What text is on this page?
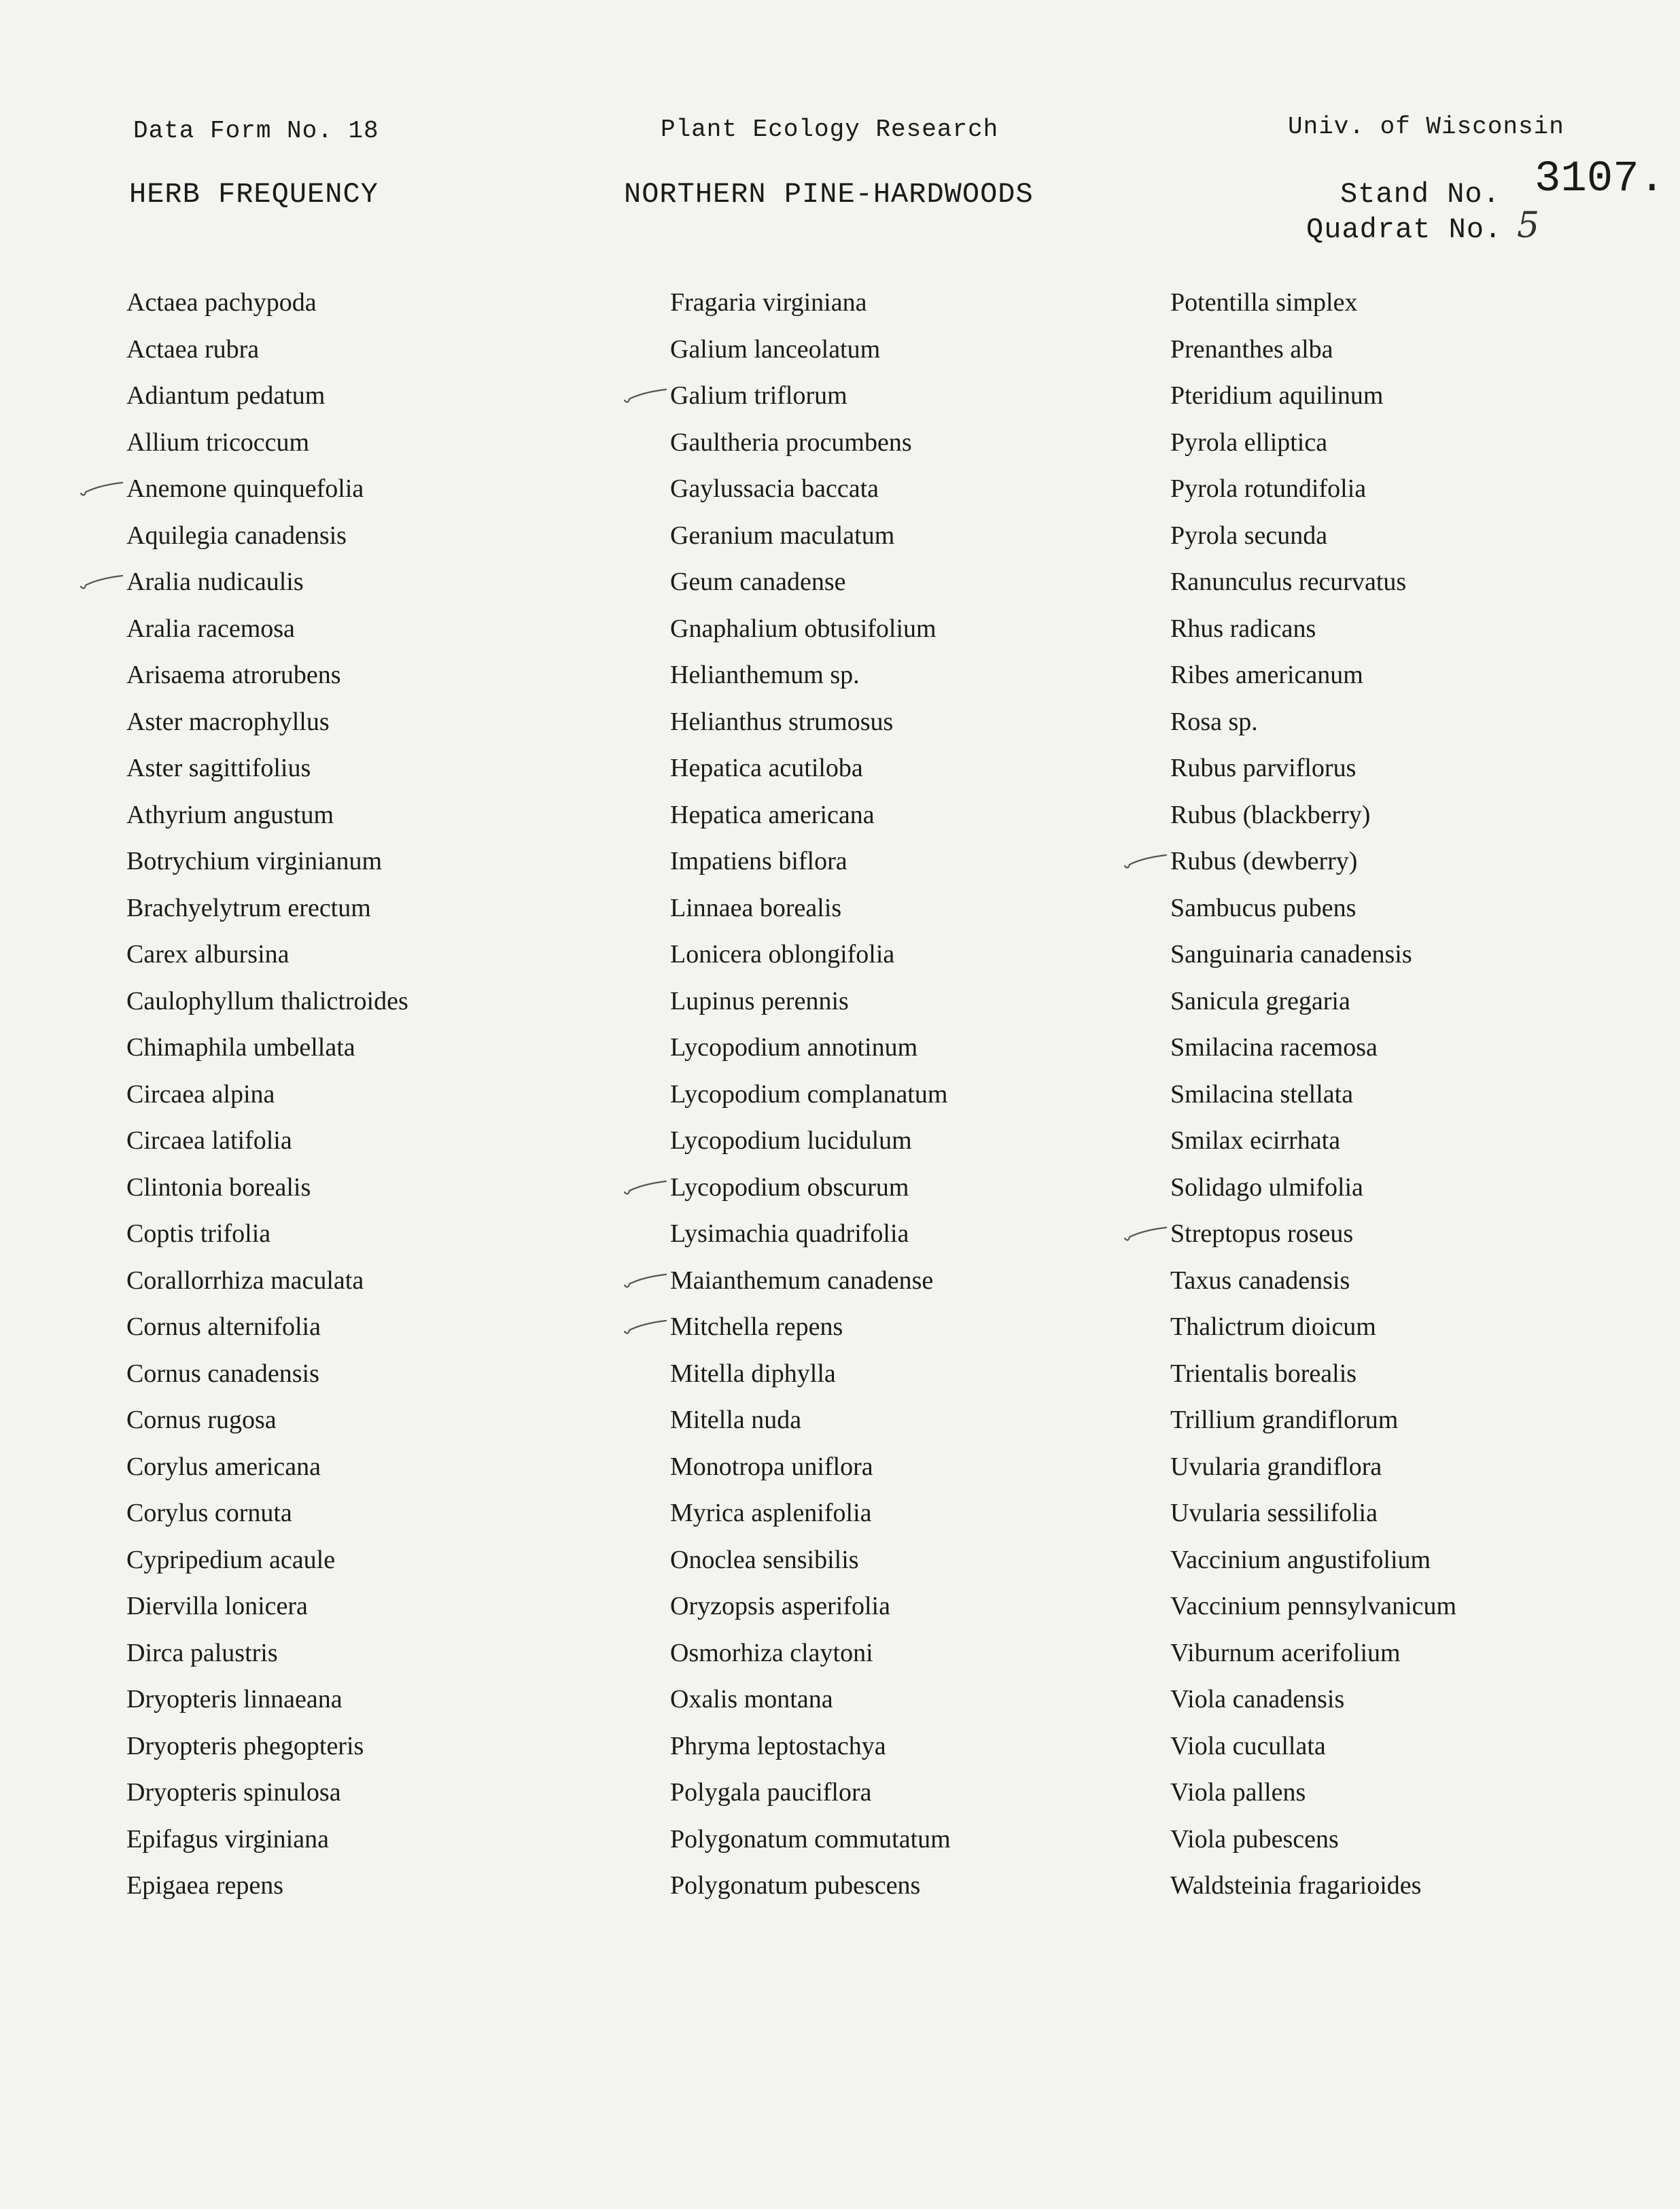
Data Form No. 18	Plant Ecology Research	Univ. of Wisconsin
HERB FREQUENCY	NORTHERN PINE-HARDWOODS	Stand No. 3107.
Quadrat No. 5
Actaea pachypoda
Actaea rubra
Adiantum pedatum
Allium tricoccum
Anemone quinquefolia
Aquilegia canadensis
Aralia nudicaulis
Aralia racemosa
Arisaema atrorubens
Aster macrophyllus
Aster sagittifolius
Athyrium angustum
Botrychium virginianum
Brachyelytrum erectum
Carex albursina
Caulophyllum thalictroides
Chimaphila umbellata
Circaea alpina
Circaea latifolia
Clintonia borealis
Coptis trifolia
Corallorrhiza maculata
Cornus alternifolia
Cornus canadensis
Cornus rugosa
Corylus americana
Corylus cornuta
Cypripedium acaule
Diervilla lonicera
Dirca palustris
Dryopteris linnaeana
Dryopteris phegopteris
Dryopteris spinulosa
Epifagus virginiana
Epigaea repens
Fragaria virginiana
Galium lanceolatum
Galium triflorum
Gaultheria procumbens
Gaylussacia baccata
Geranium maculatum
Geum canadense
Gnaphalium obtusifolium
Helianthemum sp.
Helianthus strumosus
Hepatica acutiloba
Hepatica americana
Impatiens biflora
Linnaea borealis
Lonicera oblongifolia
Lupinus perennis
Lycopodium annotinum
Lycopodium complanatum
Lycopodium lucidulum
Lycopodium obscurum
Lysimachia quadrifolia
Maianthemum canadense
Mitchella repens
Mitella diphylla
Mitella nuda
Monotropa uniflora
Myrica asplenifolia
Onoclea sensibilis
Oryzopsis asperifolia
Osmorhiza claytoni
Oxalis montana
Phryma leptostachya
Polygala pauciflora
Polygonatum commutatum
Polygonatum pubescens
Potentilla simplex
Prenanthes alba
Pteridium aquilinum
Pyrola elliptica
Pyrola rotundifolia
Pyrola secunda
Ranunculus recurvatus
Rhus radicans
Ribes americanum
Rosa sp.
Rubus parviflorus
Rubus (blackberry)
Rubus (dewberry)
Sambucus pubens
Sanguinaria canadensis
Sanicula gregaria
Smilacina racemosa
Smilacina stellata
Smilax ecirrhata
Solidago ulmifolia
Streptopus roseus
Taxus canadensis
Thalictrum dioicum
Trientalis borealis
Trillium grandiflorum
Uvularia grandiflora
Uvularia sessilifolia
Vaccinium angustifolium
Vaccinium pennsylvanicum
Viburnum acerifolium
Viola canadensis
Viola cucullata
Viola pallens
Viola pubescens
Waldsteinia fragarioides
